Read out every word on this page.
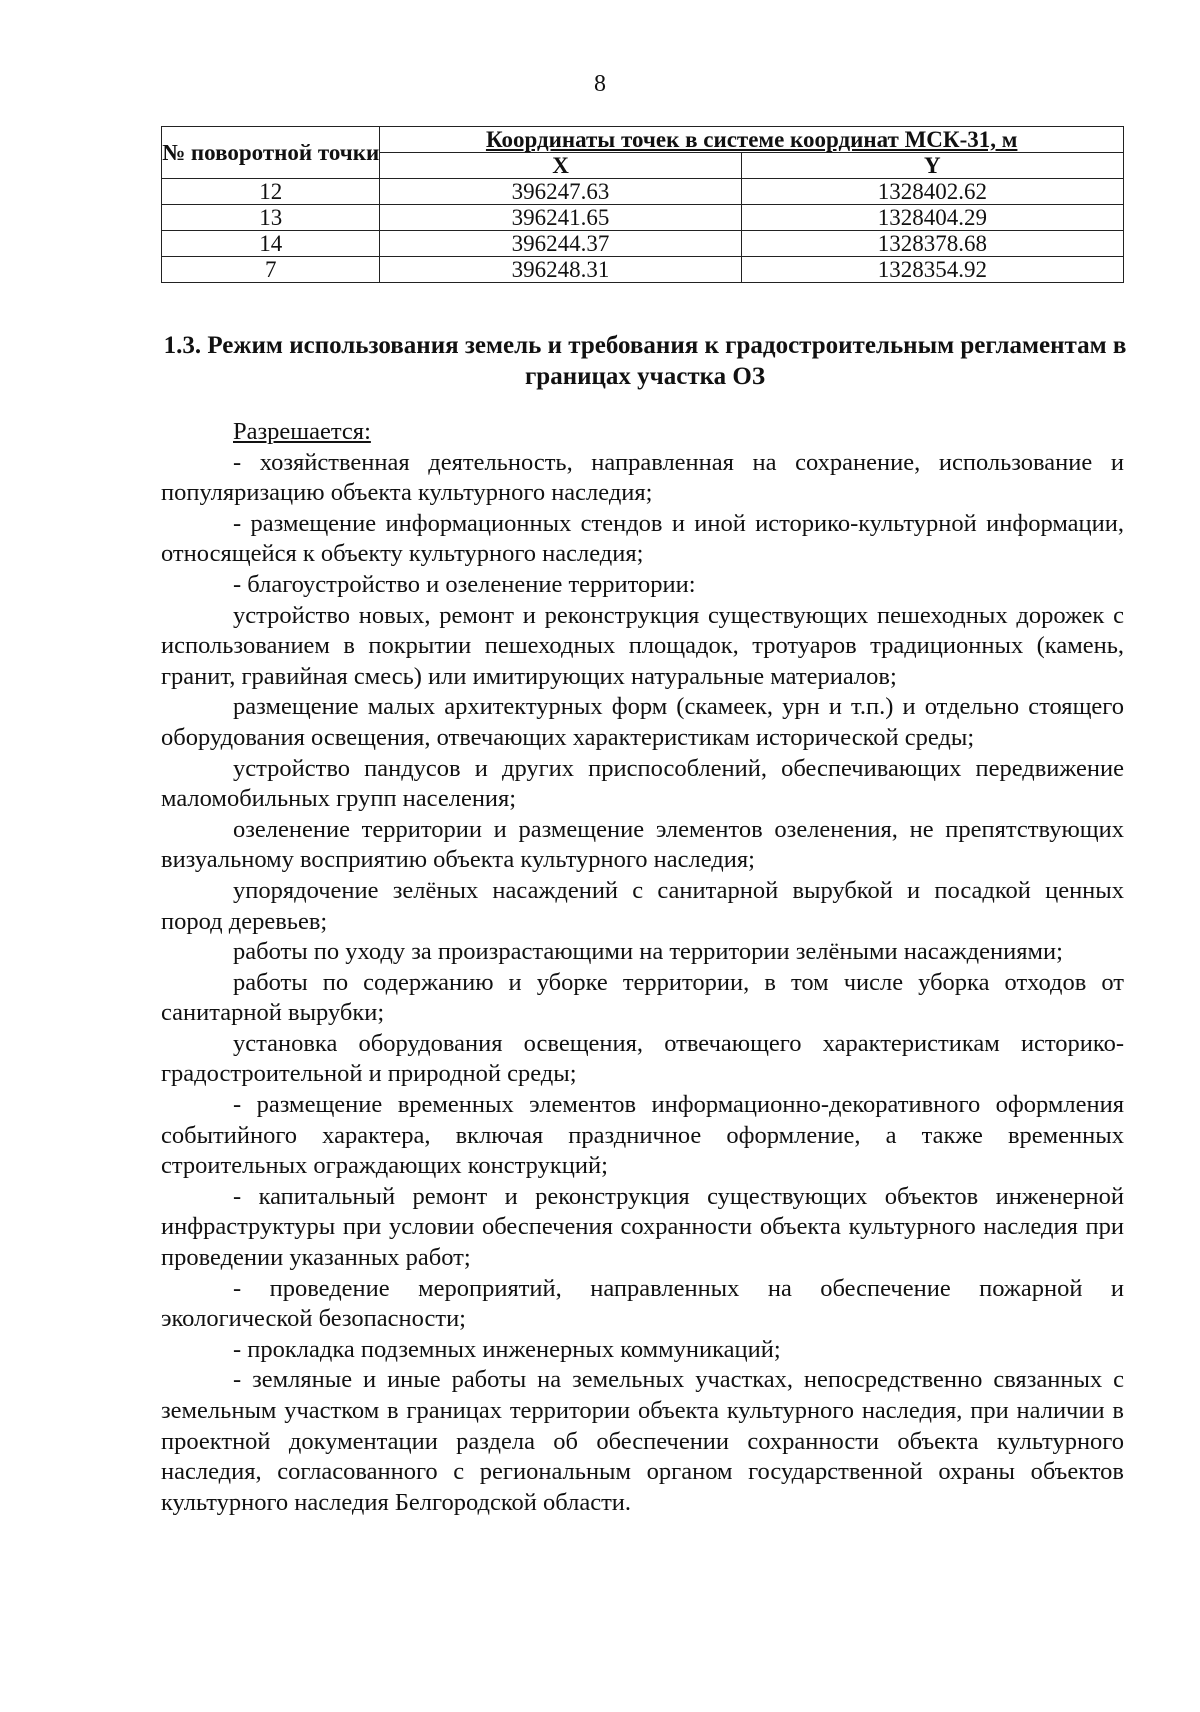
8
№ поворотной точки	Координаты точек в системе координат МСК-31, м	
	X	Y
12	396247.63	1328402.62
13	396241.65	1328404.29
14	396244.37	1328378.68
7	396248.31	1328354.92
1.3. Режим использования земель и требования к градостроительным регламентам в границах участка ОЗ

Разрешается:

- хозяйственная деятельность, направленная на сохранение, использование и популяризацию объекта культурного наследия;

- размещение информационных стендов и иной историко-культурной информации, относящейся к объекту культурного наследия;

- благоустройство и озеленение территории:

устройство новых, ремонт и реконструкция существующих пешеходных дорожек с использованием в покрытии пешеходных площадок, тротуаров традиционных (камень, гранит, гравийная смесь) или имитирующих натуральные материалов;

размещение малых архитектурных форм (скамеек, урн и т.п.) и отдельно стоящего оборудования освещения, отвечающих характеристикам исторической среды;

устройство пандусов и других приспособлений, обеспечивающих передвижение маломобильных групп населения;

озеленение территории и размещение элементов озеленения, не препятствующих визуальному восприятию объекта культурного наследия;

упорядочение зелёных насаждений с санитарной вырубкой и посадкой ценных пород деревьев;

работы по уходу за произрастающими на территории зелёными насаждениями;

работы по содержанию и уборке территории, в том числе уборка отходов от санитарной вырубки;

установка оборудования освещения, отвечающего характеристикам историко-градостроительной и природной среды;

- размещение временных элементов информационно-декоративного оформления событийного характера, включая праздничное оформление, а также временных строительных ограждающих конструкций;

- капитальный ремонт и реконструкция существующих объектов инженерной инфраструктуры при условии обеспечения сохранности объекта культурного наследия при проведении указанных работ;

- проведение мероприятий, направленных на обеспечение пожарной и экологической безопасности;

- прокладка подземных инженерных коммуникаций;

- земляные и иные работы на земельных участках, непосредственно связанных с земельным участком в границах территории объекта культурного наследия, при наличии в проектной документации раздела об обеспечении сохранности объекта культурного наследия, согласованного с региональным органом государственной охраны объектов культурного наследия Белгородской области.
